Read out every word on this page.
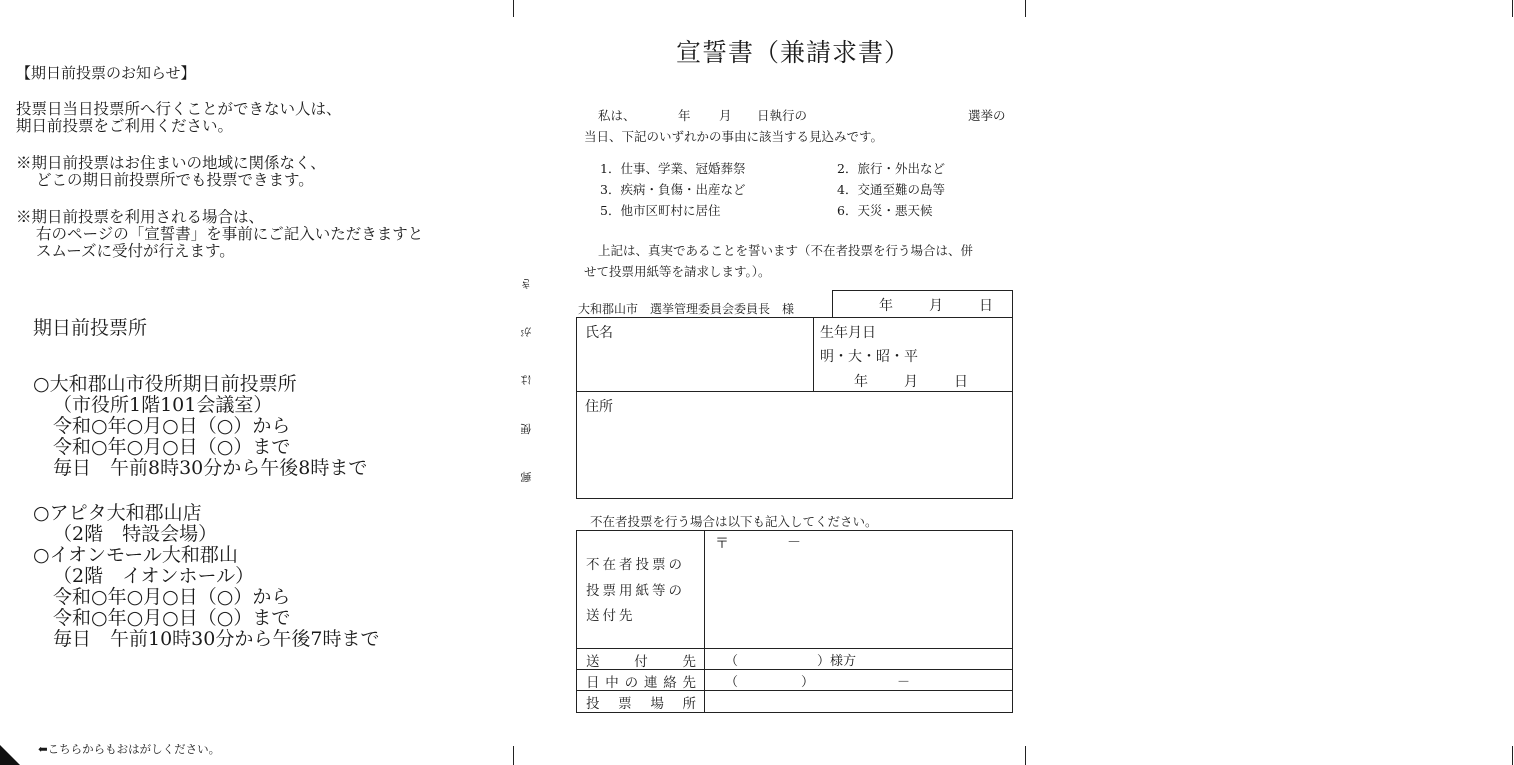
【期日前投票のお知らせ】
投票日当日投票所へ行くことができない人は、
期日前投票をご利用ください。
※期日前投票はお住まいの地域に関係なく、
どこの期日前投票所でも投票できます。
※期日前投票を利用される場合は、
右のページの「宣誓書」を事前にご記入いただきますと
スムーズに受付が行えます。
期日前投票所
○大和郡山市役所期日前投票所
（市役所1階101会議室）
令和○年○月○日（○）から
令和○年○月○日（○）まで
毎日　午前8時30分から午後8時まで
○アピタ大和郡山店
（2階　特設会場）
○イオンモール大和郡山
（2階　イオンホール）
令和○年○月○日（○）から
令和○年○月○日（○）まで
毎日　午前10時30分から午後7時まで
⬅こちらからもおはがしください。
き
が
は
便
郵
宣誓書（兼請求書）
私は、	年 月 日執行の	選挙の
当日、下記のいずれかの事由に該当する見込みです。
1．仕事、学業、冠婚葬祭	2．旅行・外出など
3．疾病・負傷・出産など	4．交通至難の島等
5．他市区町村に居住	6．天災・悪天候
上記は、真実であることを誓います（不在者投票を行う場合は、併
せて投票用紙等を請求します。）。
大和郡山市　選挙管理委員会委員長　様	年	月	日
氏名	生年月日
明・大・昭・平
年	月	日
住所
不在者投票を行う場合は以下も記入してください。
不在者投票の
投票用紙等の
送付先
〒	－
送	付	先 （	）様方
日 中 の 連 絡 先 （	）	－
投 票 場 所
